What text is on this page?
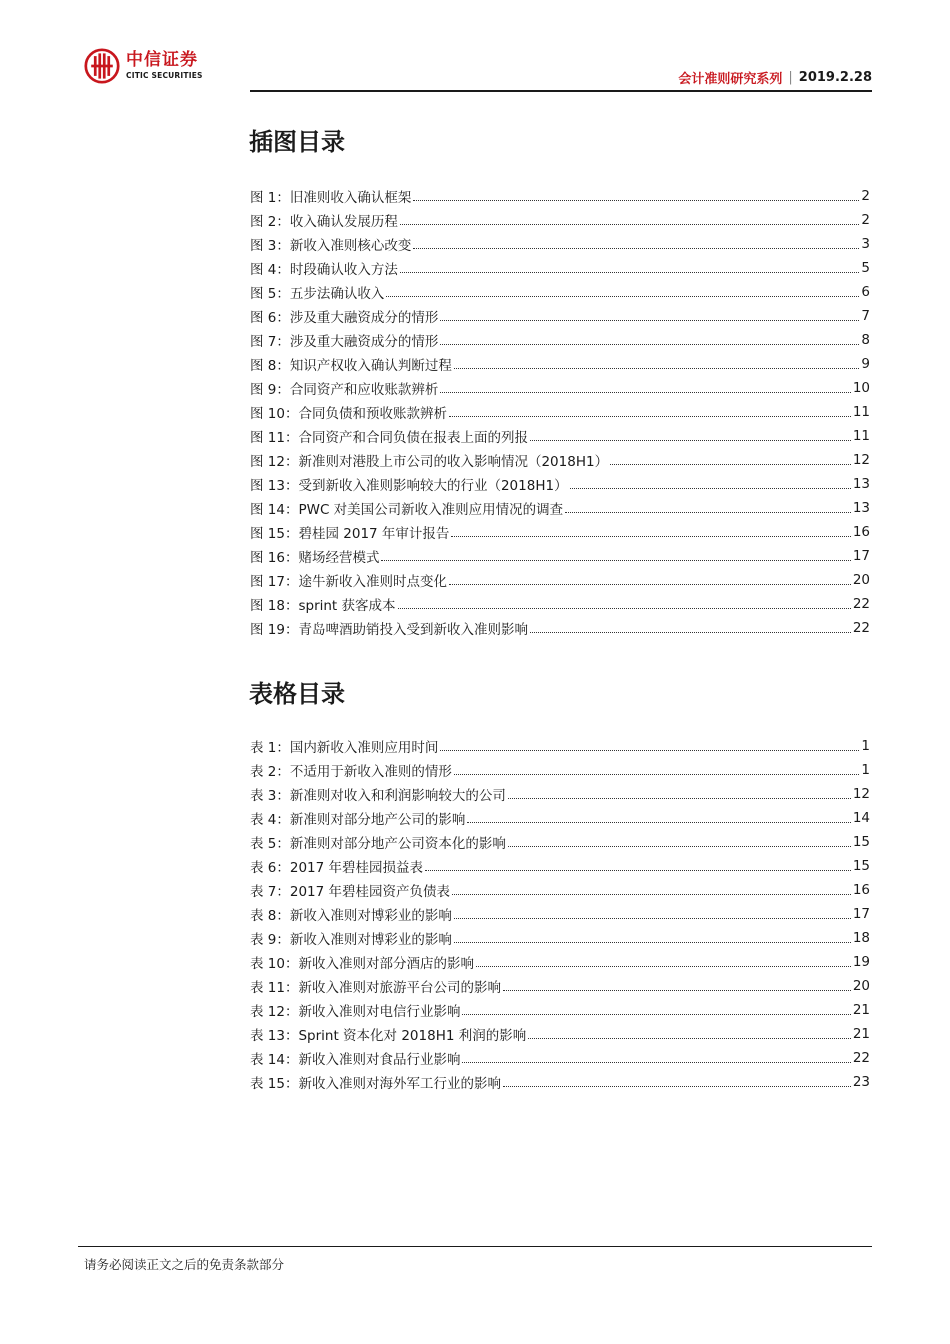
中信证券
CITIC SECURITIES	会计准则研究系列 | 2019.2.28
插图目录
图 1：旧准则收入确认框架	2
图 2：收入确认发展历程	2
图 3：新收入准则核心改变	3
图 4：时段确认收入方法	5
图 5：五步法确认收入	6
图 6：涉及重大融资成分的情形	7
图 7：涉及重大融资成分的情形	8
图 8：知识产权收入确认判断过程	9
图 9：合同资产和应收账款辨析	10
图 10：合同负债和预收账款辨析	11
图 11：合同资产和合同负债在报表上面的列报	11
图 12：新准则对港股上市公司的收入影响情况（2018H1）	12
图 13：受到新收入准则影响较大的行业（2018H1）	13
图 14：PWC 对美国公司新收入准则应用情况的调查	13
图 15：碧桂园 2017 年审计报告	16
图 16：赌场经营模式	17
图 17：途牛新收入准则时点变化	20
图 18：sprint 获客成本	22
图 19：青岛啤酒助销投入受到新收入准则影响	22
表格目录
表 1：国内新收入准则应用时间	1
表 2：不适用于新收入准则的情形	1
表 3：新准则对收入和利润影响较大的公司	12
表 4：新准则对部分地产公司的影响	14
表 5：新准则对部分地产公司资本化的影响	15
表 6：2017 年碧桂园损益表	15
表 7：2017 年碧桂园资产负债表	16
表 8：新收入准则对博彩业的影响	17
表 9：新收入准则对博彩业的影响	18
表 10：新收入准则对部分酒店的影响	19
表 11：新收入准则对旅游平台公司的影响	20
表 12：新收入准则对电信行业影响	21
表 13：Sprint 资本化对 2018H1 利润的影响	21
表 14：新收入准则对食品行业影响	22
表 15：新收入准则对海外军工行业的影响	23
请务必阅读正文之后的免责条款部分
